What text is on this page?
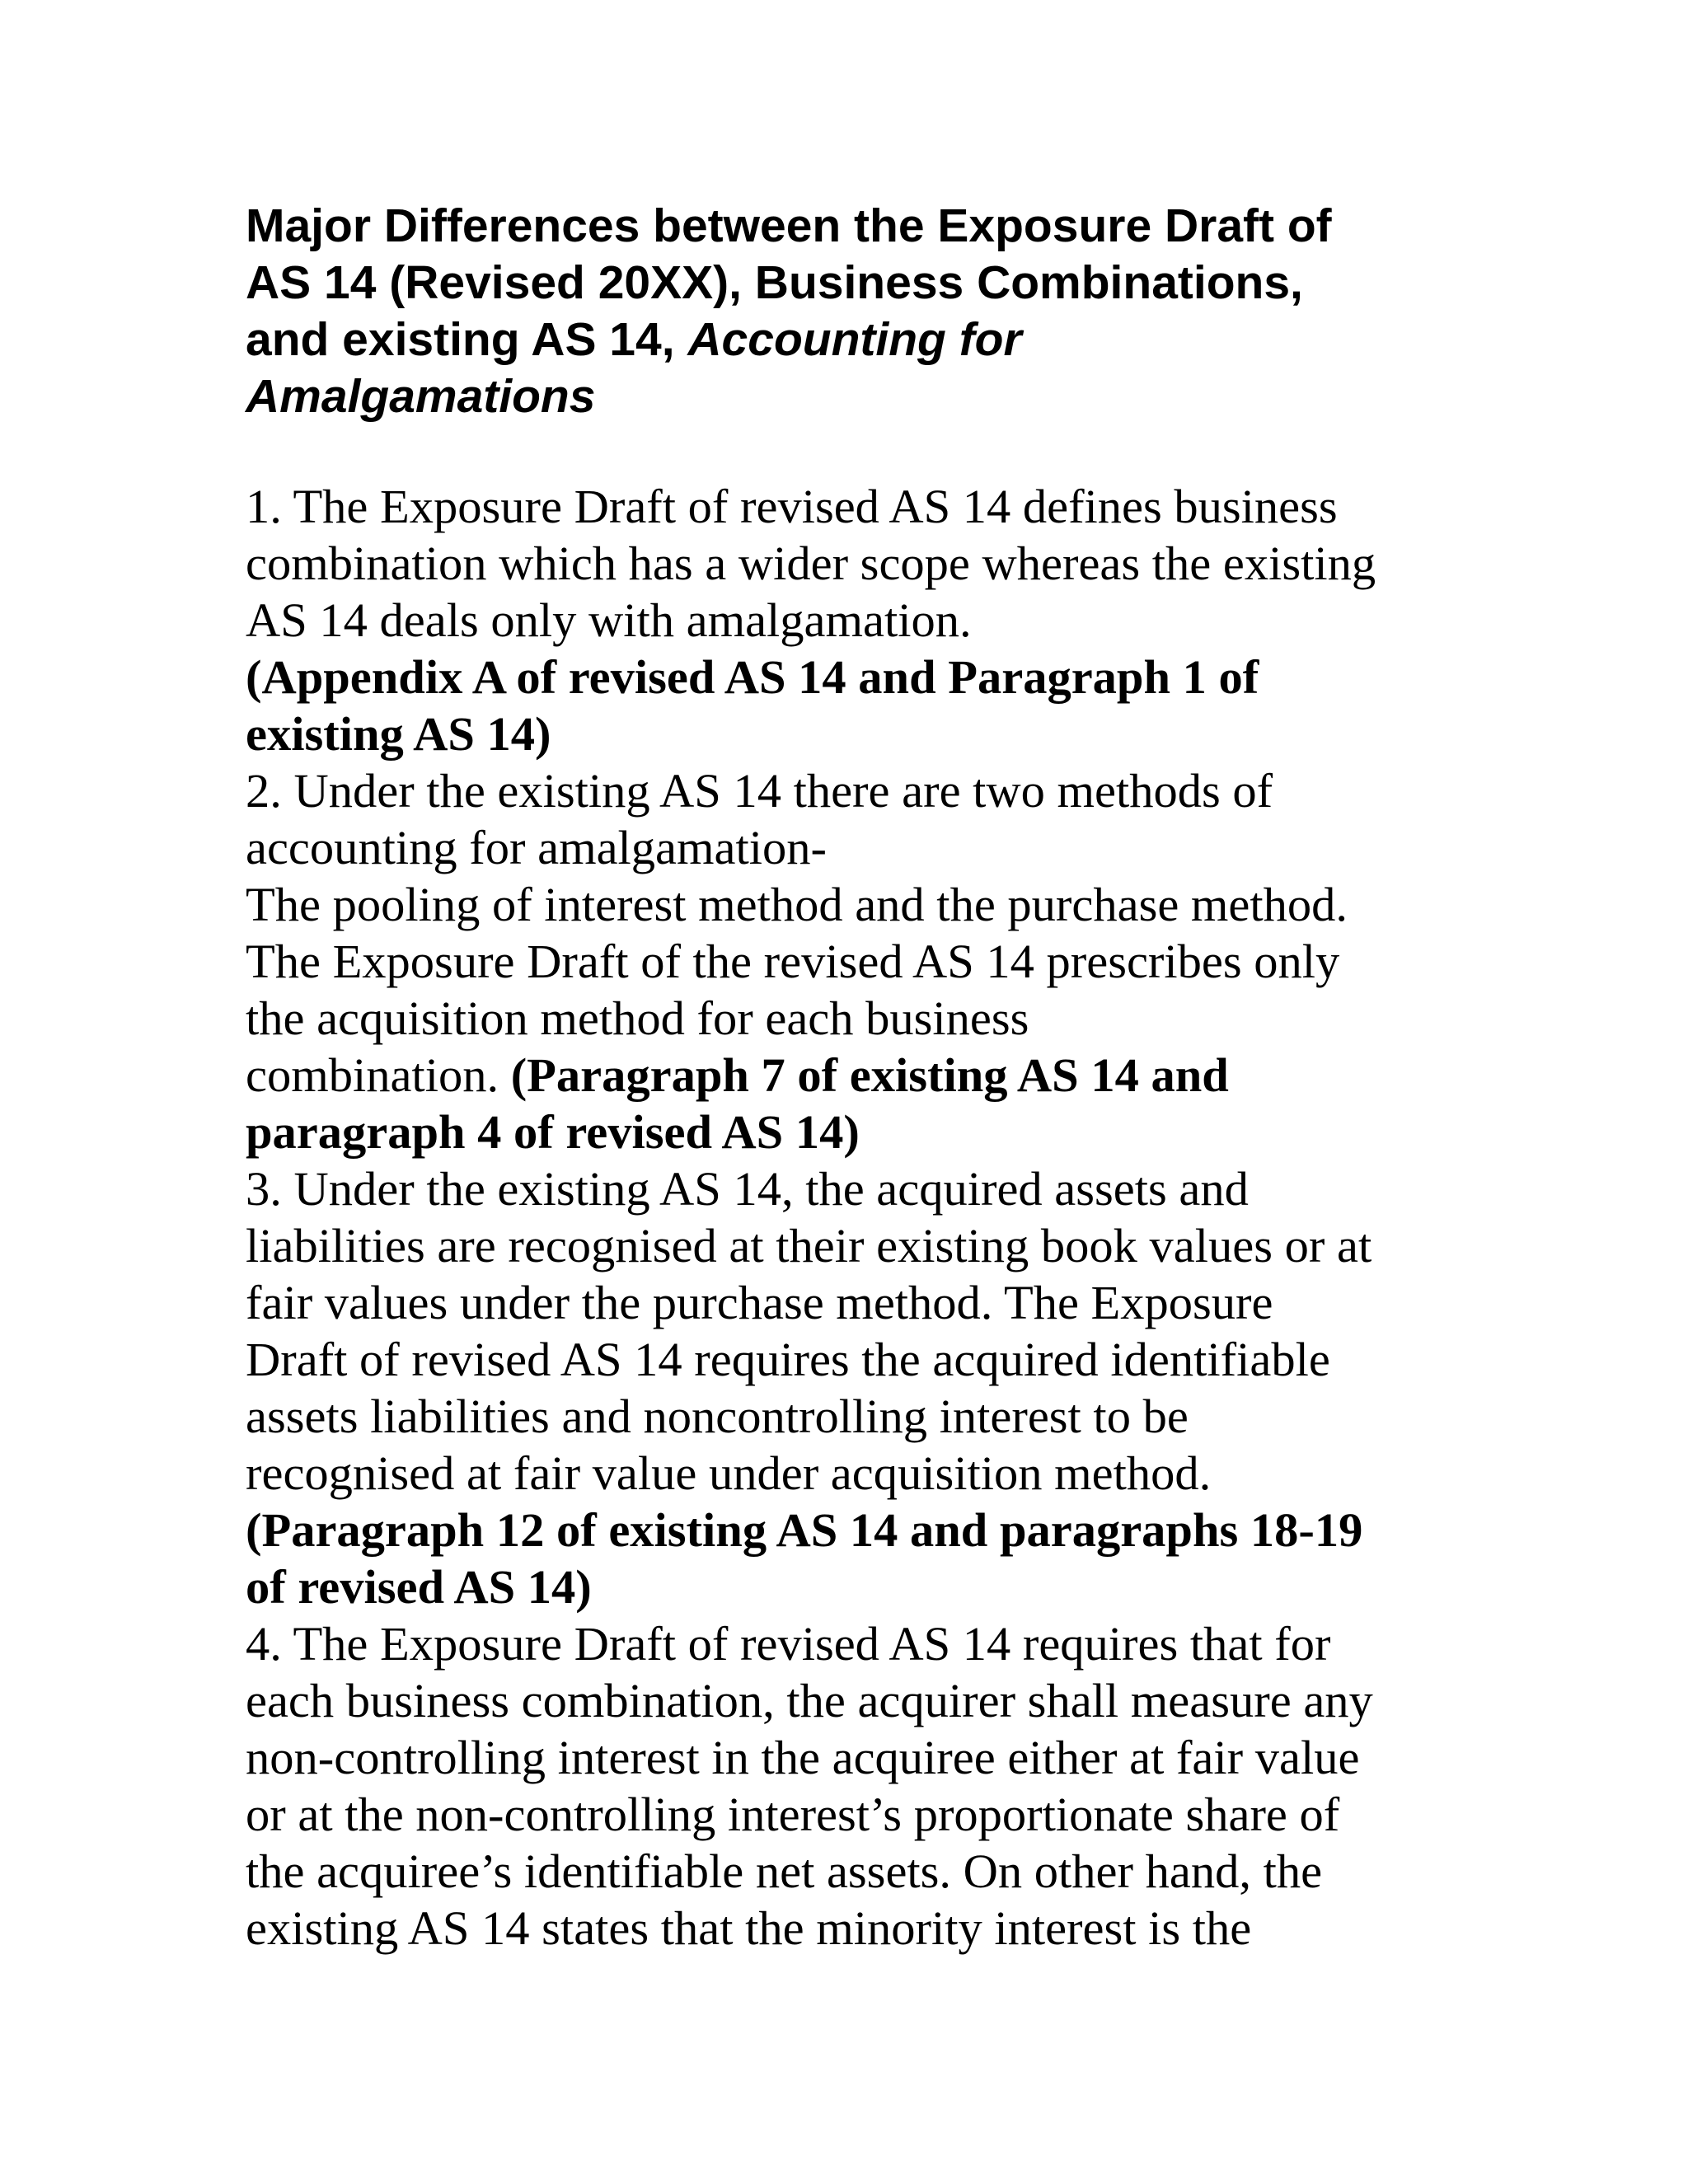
Major Differences between the Exposure Draft of
AS 14 (Revised 20XX), Business Combinations,
and existing AS 14, Accounting for
Amalgamations
1. The Exposure Draft of revised AS 14 defines business
combination which has a wider scope whereas the existing
AS 14 deals only with amalgamation.
(Appendix A of revised AS 14 and Paragraph 1 of
existing AS 14)
2. Under the existing AS 14 there are two methods of
accounting for amalgamation-
The pooling of interest method and the purchase method.
The Exposure Draft of the revised AS 14 prescribes only
the acquisition method for each business
combination. (Paragraph 7 of existing AS 14 and
paragraph 4 of revised AS 14)
3. Under the existing AS 14, the acquired assets and
liabilities are recognised at their existing book values or at
fair values under the purchase method. The Exposure
Draft of revised AS 14 requires the acquired identifiable
assets liabilities and noncontrolling interest to be
recognised at fair value under acquisition method.
(Paragraph 12 of existing AS 14 and paragraphs 18-19
of revised AS 14)
4. The Exposure Draft of revised AS 14 requires that for
each business combination, the acquirer shall measure any
non-controlling interest in the acquiree either at fair value
or at the non-controlling interest’s proportionate share of
the acquiree’s identifiable net assets. On other hand, the
existing AS 14 states that the minority interest is the
